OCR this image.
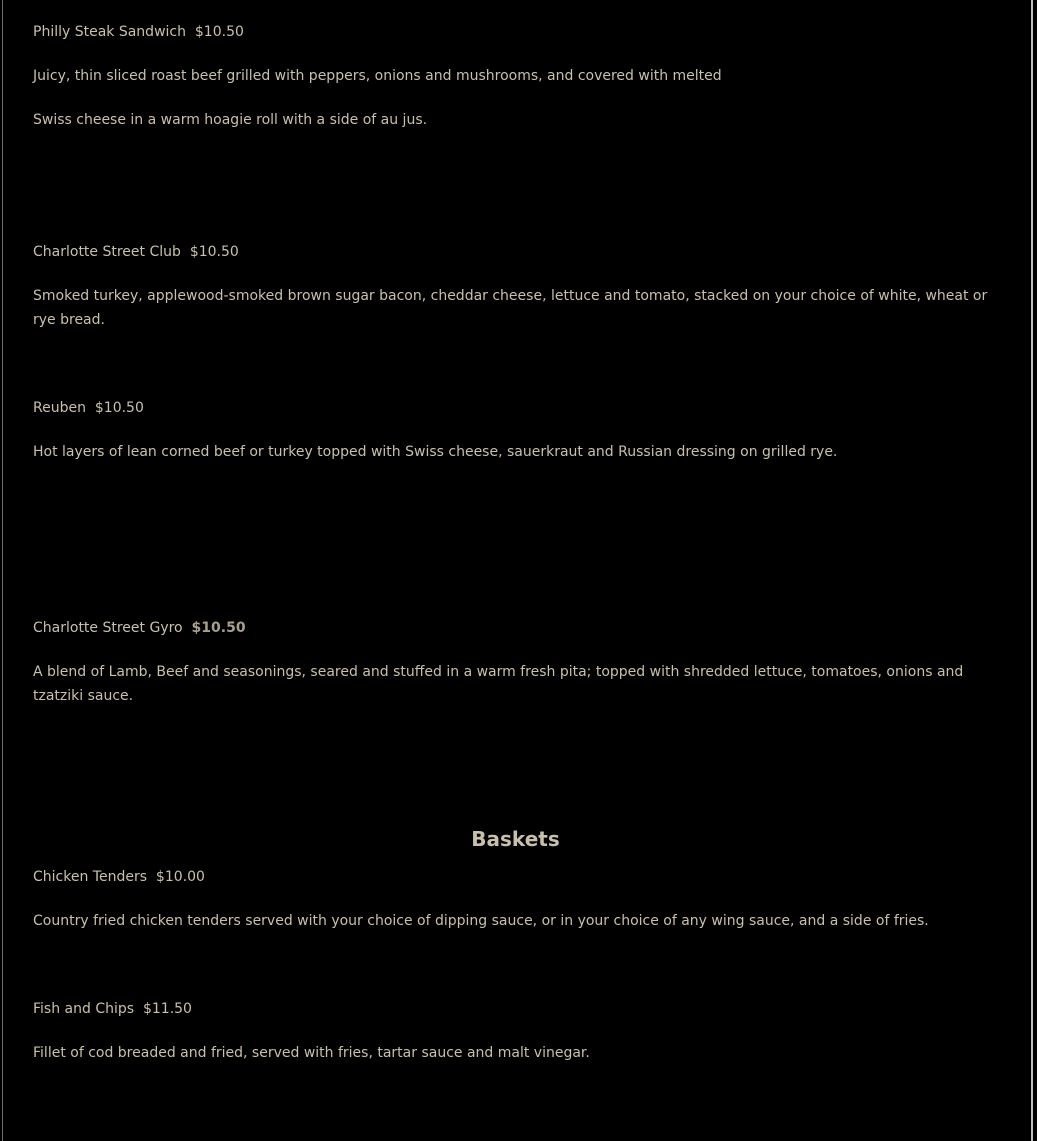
Philly Steak Sandwich $10.50

Juicy, thin sliced roast beef grilled with peppers, onions and mushrooms, and covered with melted

Swiss cheese in a warm hoagie roll with a side of au jus.

Charlotte Street Club $10.50

Smoked turkey, applewood-smoked brown sugar bacon, cheddar cheese, lettuce and tomato, stacked on your choice of white, wheat or rye bread.

Reuben $10.50

Hot layers of lean corned beef or turkey topped with Swiss cheese, sauerkraut and Russian dressing on grilled rye.

Charlotte Street Gyro $10.50

A blend of Lamb, Beef and seasonings, seared and stuffed in a warm fresh pita; topped with shredded lettuce, tomatoes, onions and tzatziki sauce.

Baskets

Chicken Tenders $10.00

Country fried chicken tenders served with your choice of dipping sauce, or in your choice of any wing sauce, and a side of fries.

Fish and Chips $11.50

Fillet of cod breaded and fried, served with fries, tartar sauce and malt vinegar.
